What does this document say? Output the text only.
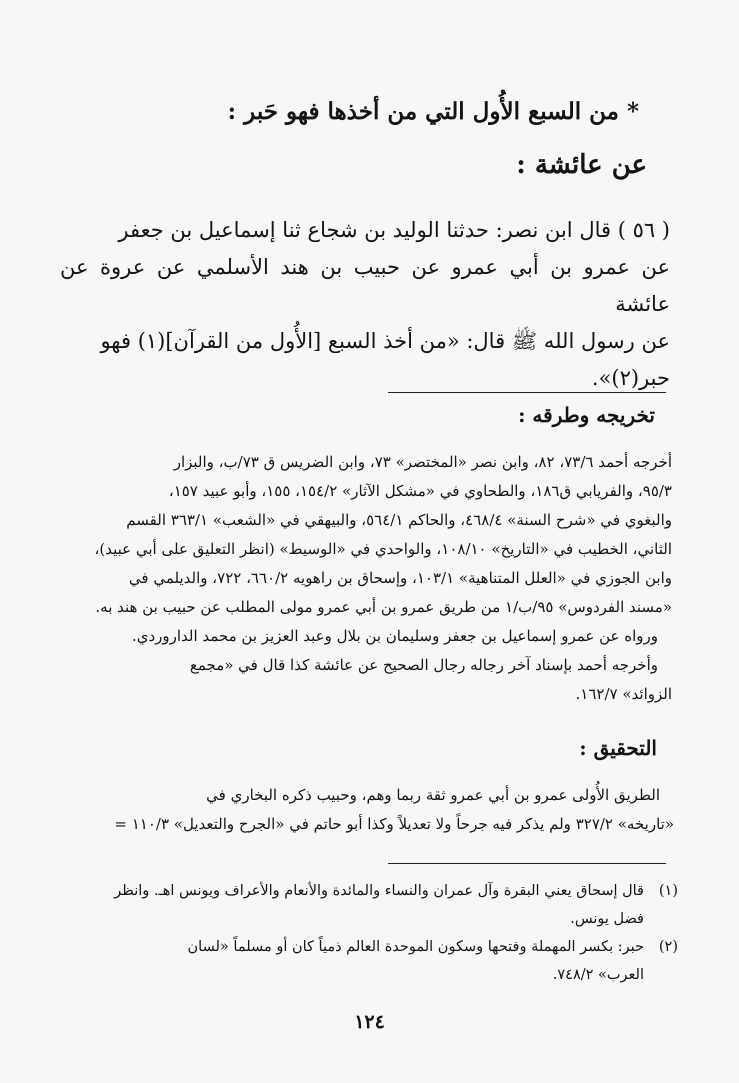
* من السبع الأُول التي من أخذها فهو حَبر :
عن عائشة :

( ٥٦ ) قال ابن نصر: حدثنا الوليد بن شجاع ثنا إسماعيل بن جعفر

عن عمرو بن أبي عمرو عن حبيب بن هند الأسلمي عن عروة عن عائشة

عن رسول الله ﷺ قال: «من أخذ السبع [الأُول من القرآن](١) فهو

حبر(٢)».

تخريجه وطرقه :

أخرجه أحمد ٧٣/٦، ٨٢، وابن نصر «المختصر» ٧٣، وابن الضريس ق ٧٣/ب، والبزار

٩٥/٣، والفريابي ق١٨٦، والطحاوي في «مشكل الآثار» ١٥٤/٢، ١٥٥، وأبو عبيد ١٥٧،

والبغوي في «شرح السنة» ٤٦٨/٤، والحاكم ٥٦٤/١، والبيهقي في «الشعب» ٣٦٣/١ القسم

الثاني، الخطيب في «التاريخ» ١٠٨/١٠، والواحدي في «الوسيط» (انظر التعليق على أبي عبيد)،

وابن الجوزي في «العلل المتناهية» ١٠٣/١، وإسحاق بن راهويه ٦٦٠/٢، ٧٢٢، والديلمي في

«مسند الفردوس» ٩٥/ب/١ من طريق عمرو بن أبي عمرو مولى المطلب عن حبيب بن هند به.

ورواه عن عمرو إسماعيل بن جعفر وسليمان بن بلال وعبد العزيز بن محمد الداروردي.

وأخرجه أحمد بإسناد آخر رجاله رجال الصحيح عن عائشة كذا قال في «مجمع

الزوائد» ١٦٢/٧.

التحقيق :

الطريق الأُولى عمرو بن أبي عمرو ثقة ربما وهم، وحبيب ذكره البخاري في

«تاريخه» ٣٢٧/٢ ولم يذكر فيه جرحاً ولا تعديلاً وكذا أبو حاتم في «الجرح والتعديل» ١١٠/٣ =

(١)
قال إسحاق يعني البقرة وآل عمران والنساء والمائدة والأنعام والأعراف ويونس اهـ. وانظر
فضل يونس.
(٢)
حبر: بكسر المهملة وفتحها وسكون الموحدة العالم ذمياً كان أو مسلماً «لسان
العرب» ٧٤٨/٢.
١٢٤
